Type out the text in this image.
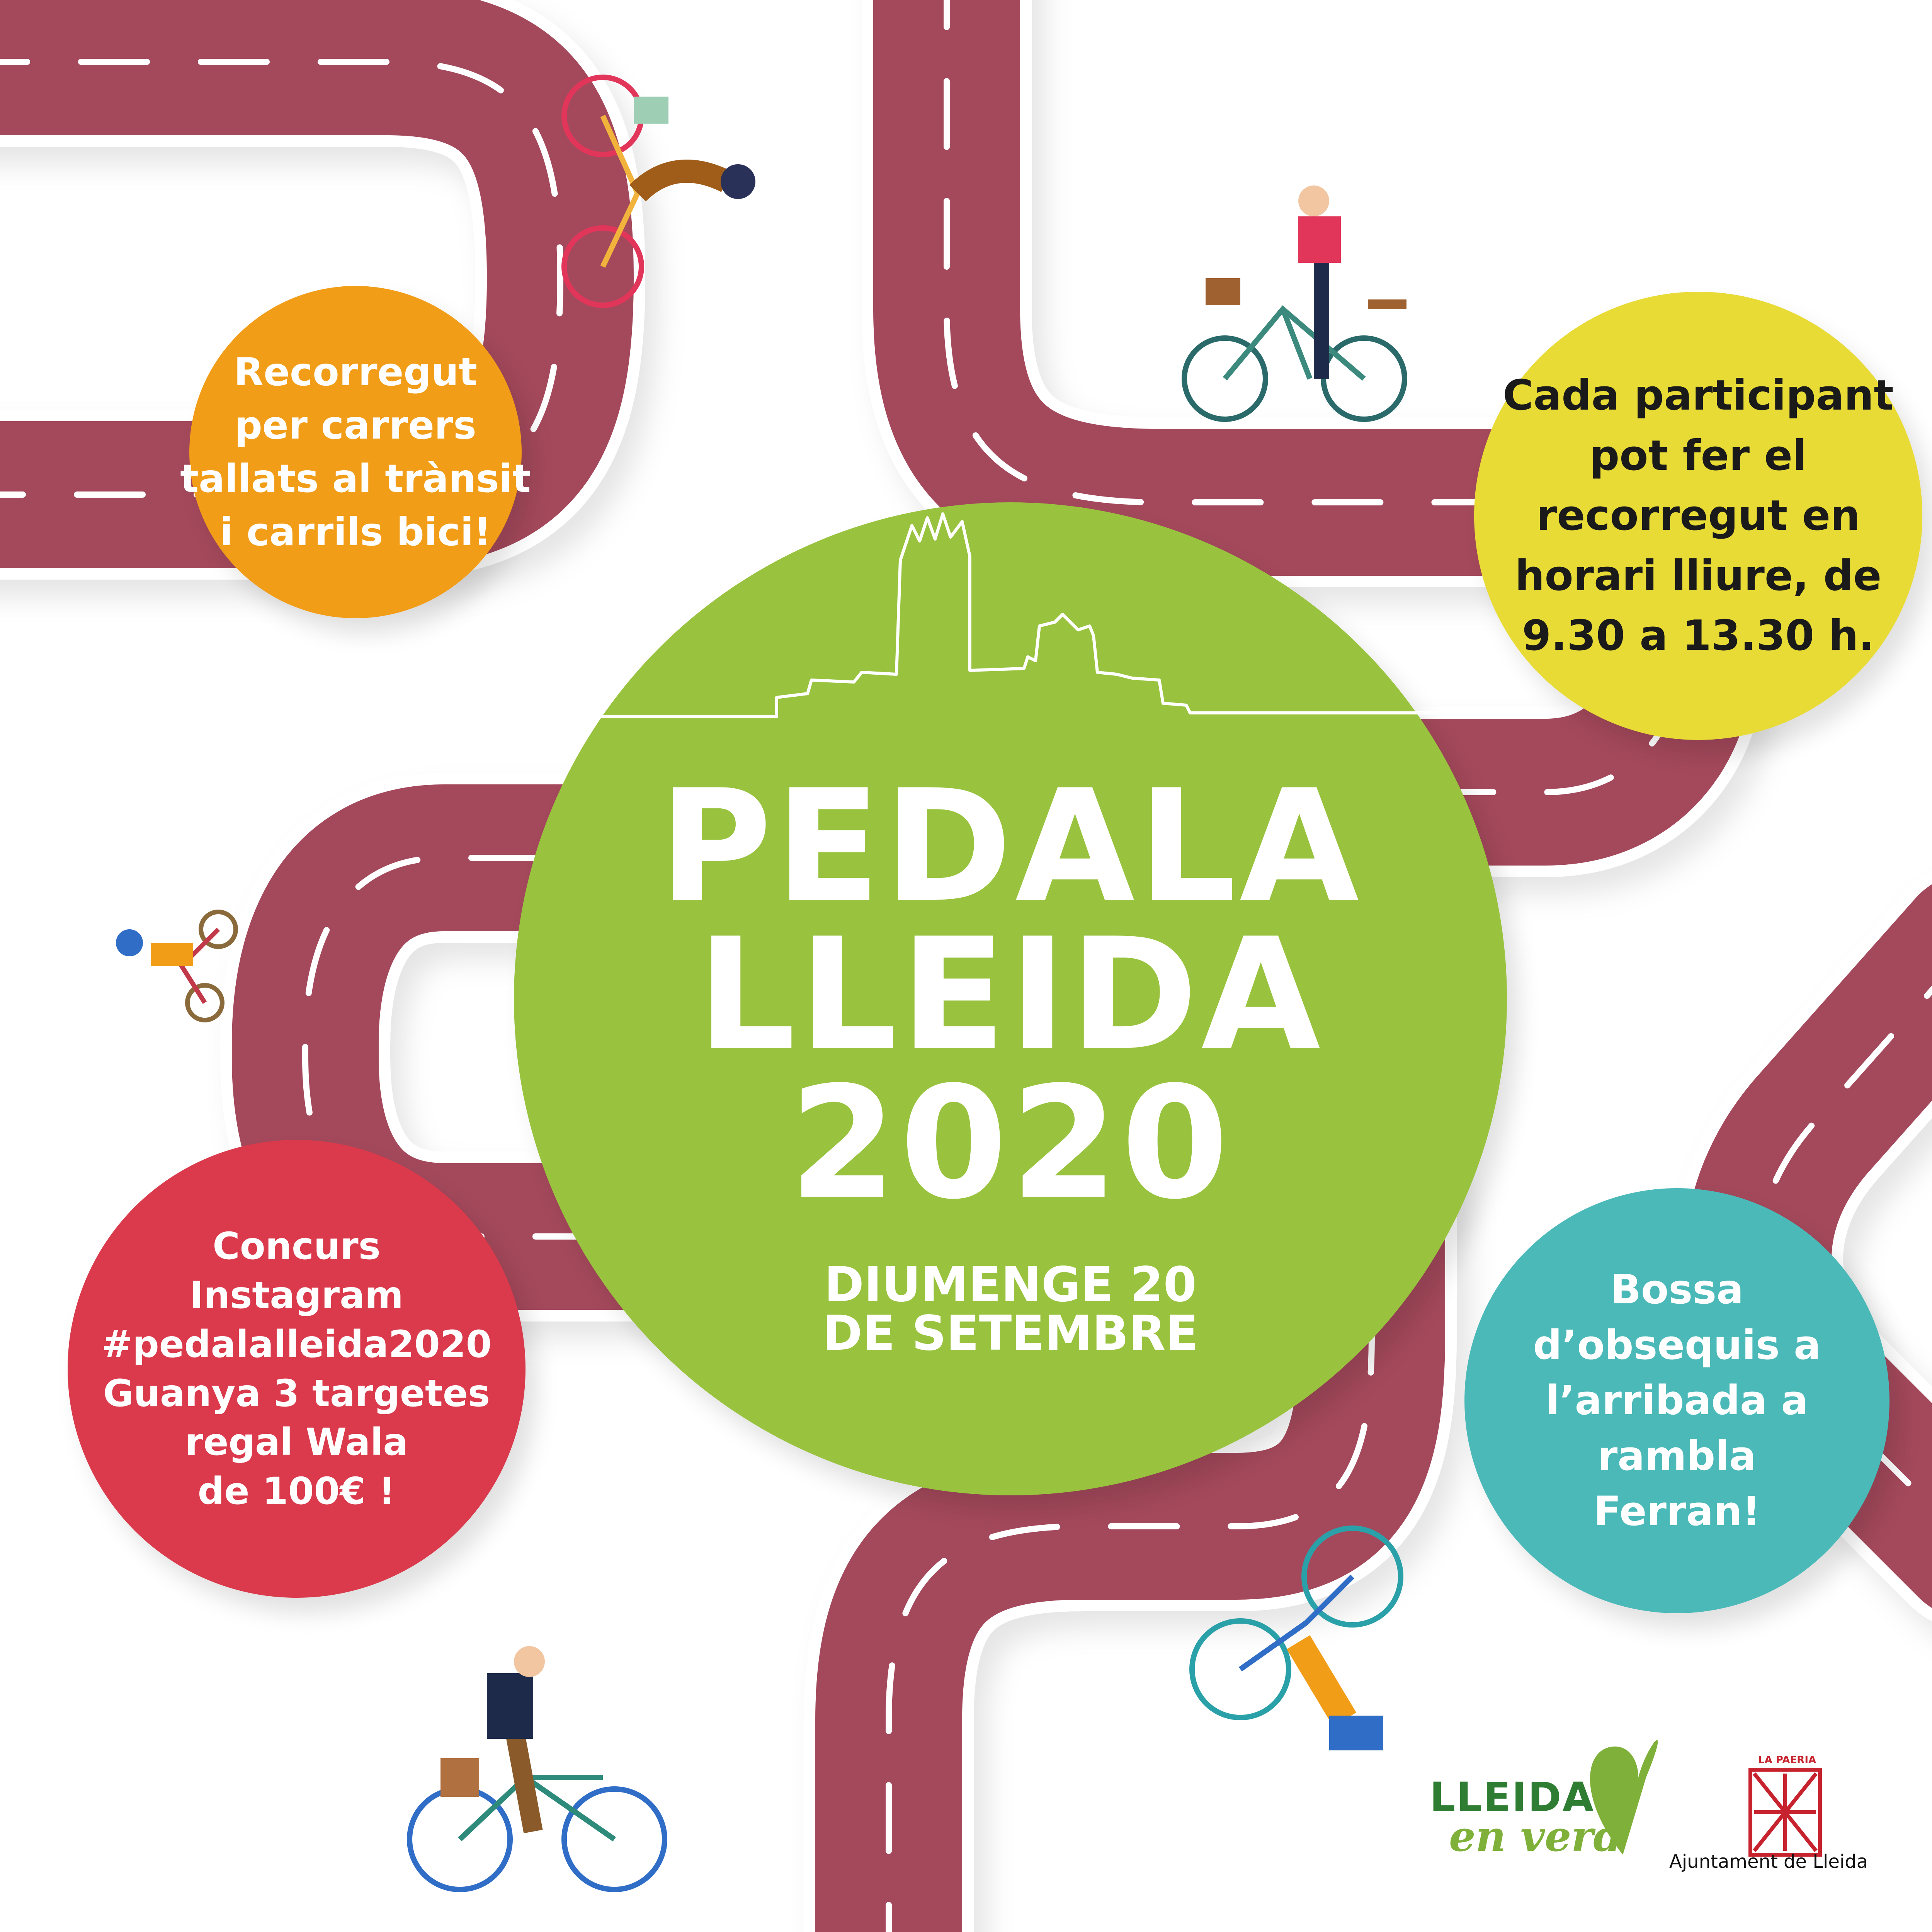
Recorregut
per carrers
tallats al trànsit
i carrils bici!
Cada participant
pot fer el
recorregut en
horari lliure, de
9.30 a 13.30 h.
Concurs
Instagram
#pedalalleida2020
Guanya 3 targetes
regal Wala
de 100€ !
Bossa
d’obsequis a
l’arribada a
rambla
Ferran!
PEDALA
LLEIDA
2020
DIUMENGE 20
DE SETEMBRE
LLEIDA
en verd
LA PAERIA
Ajuntament de Lleida
